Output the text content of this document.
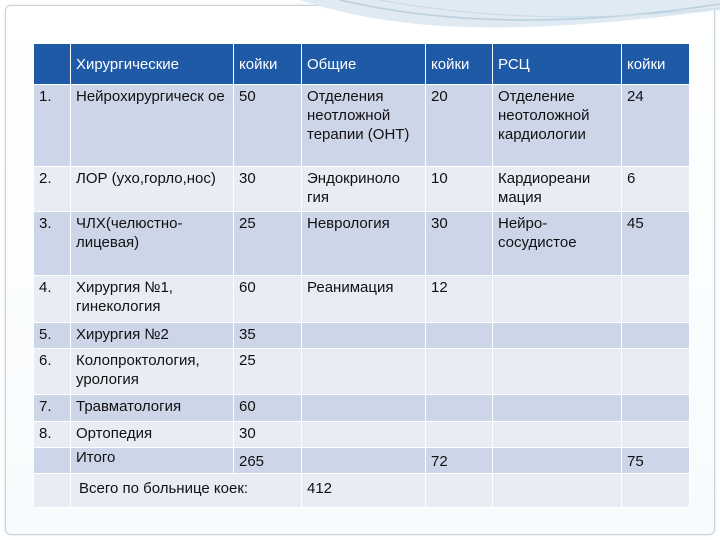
	Хирургические	койки	Общие	койки	РСЦ	койки
1.	Нейрохирургическ ое	50	Отделения неотложной терапии (ОНТ)	20	Отделение неотоложной кардиологии	24
2.	ЛОР (ухо,горло,нос)	30	Эндокриноло гия	10	Кардиореани мация	6
3.	ЧЛХ(челюстно- лицевая)	25	Неврология	30	Нейро- сосудистое	45
4.	Хирургия №1, гинекология	60	Реанимация	12		
5.	Хирургия №2	35				
6.	Колопроктология, урология	25				
7.	Травматология	60				
8.	Ортопедия	30				
	Итого	265		72		75

	Всего по больнице коек:		412			
